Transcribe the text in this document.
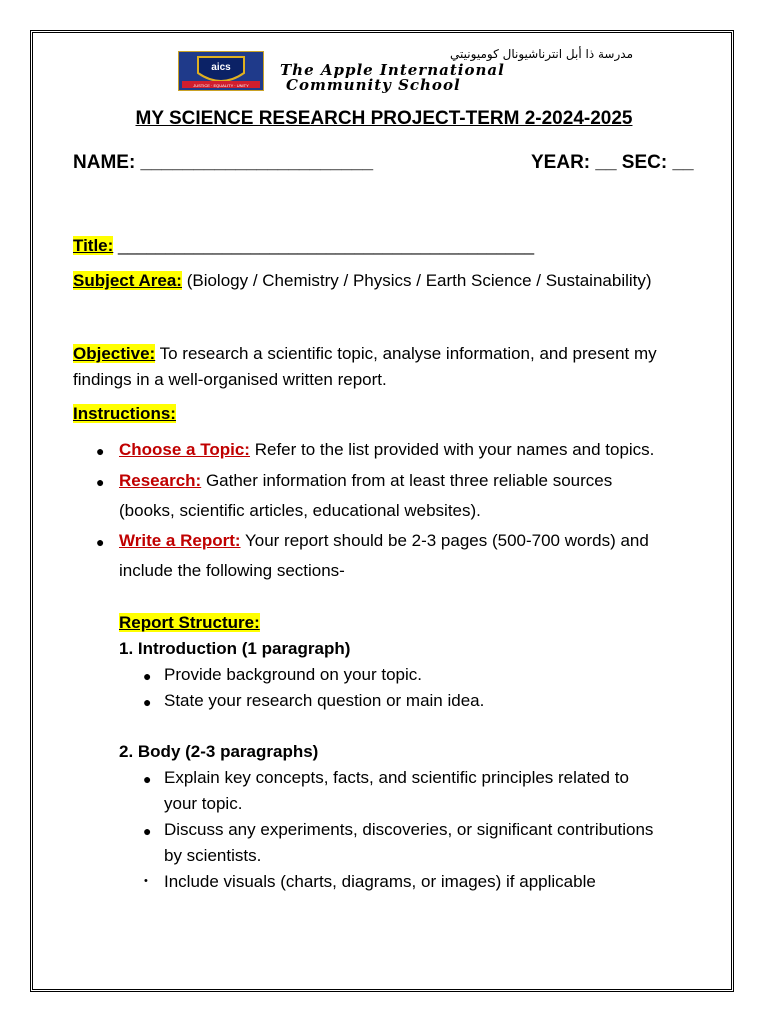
aics
JUSTICE · EQUALITY · UNITY
مدرسة ذا أبل انترناشيونال كوميونيتي
The Apple International
Community School
MY SCIENCE RESEARCH PROJECT-TERM 2-2024-2025
NAME: ______________________	YEAR: __ SEC: __
Title: ____________________________________________
Subject Area: (Biology / Chemistry / Physics / Earth Science / Sustainability)
Objective: To research a scientific topic, analyse information, and present my
findings in a well-organised written report.
Instructions:
● Choose a Topic: Refer to the list provided with your names and topics.
● Research: Gather information from at least three reliable sources
(books, scientific articles, educational websites).
● Write a Report: Your report should be 2-3 pages (500-700 words) and
include the following sections-
Report Structure:
1. Introduction (1 paragraph)
● Provide background on your topic.
● State your research question or main idea.
2. Body (2-3 paragraphs)
● Explain key concepts, facts, and scientific principles related to
your topic.
● Discuss any experiments, discoveries, or significant contributions
by scientists.
• Include visuals (charts, diagrams, or images) if applicable
